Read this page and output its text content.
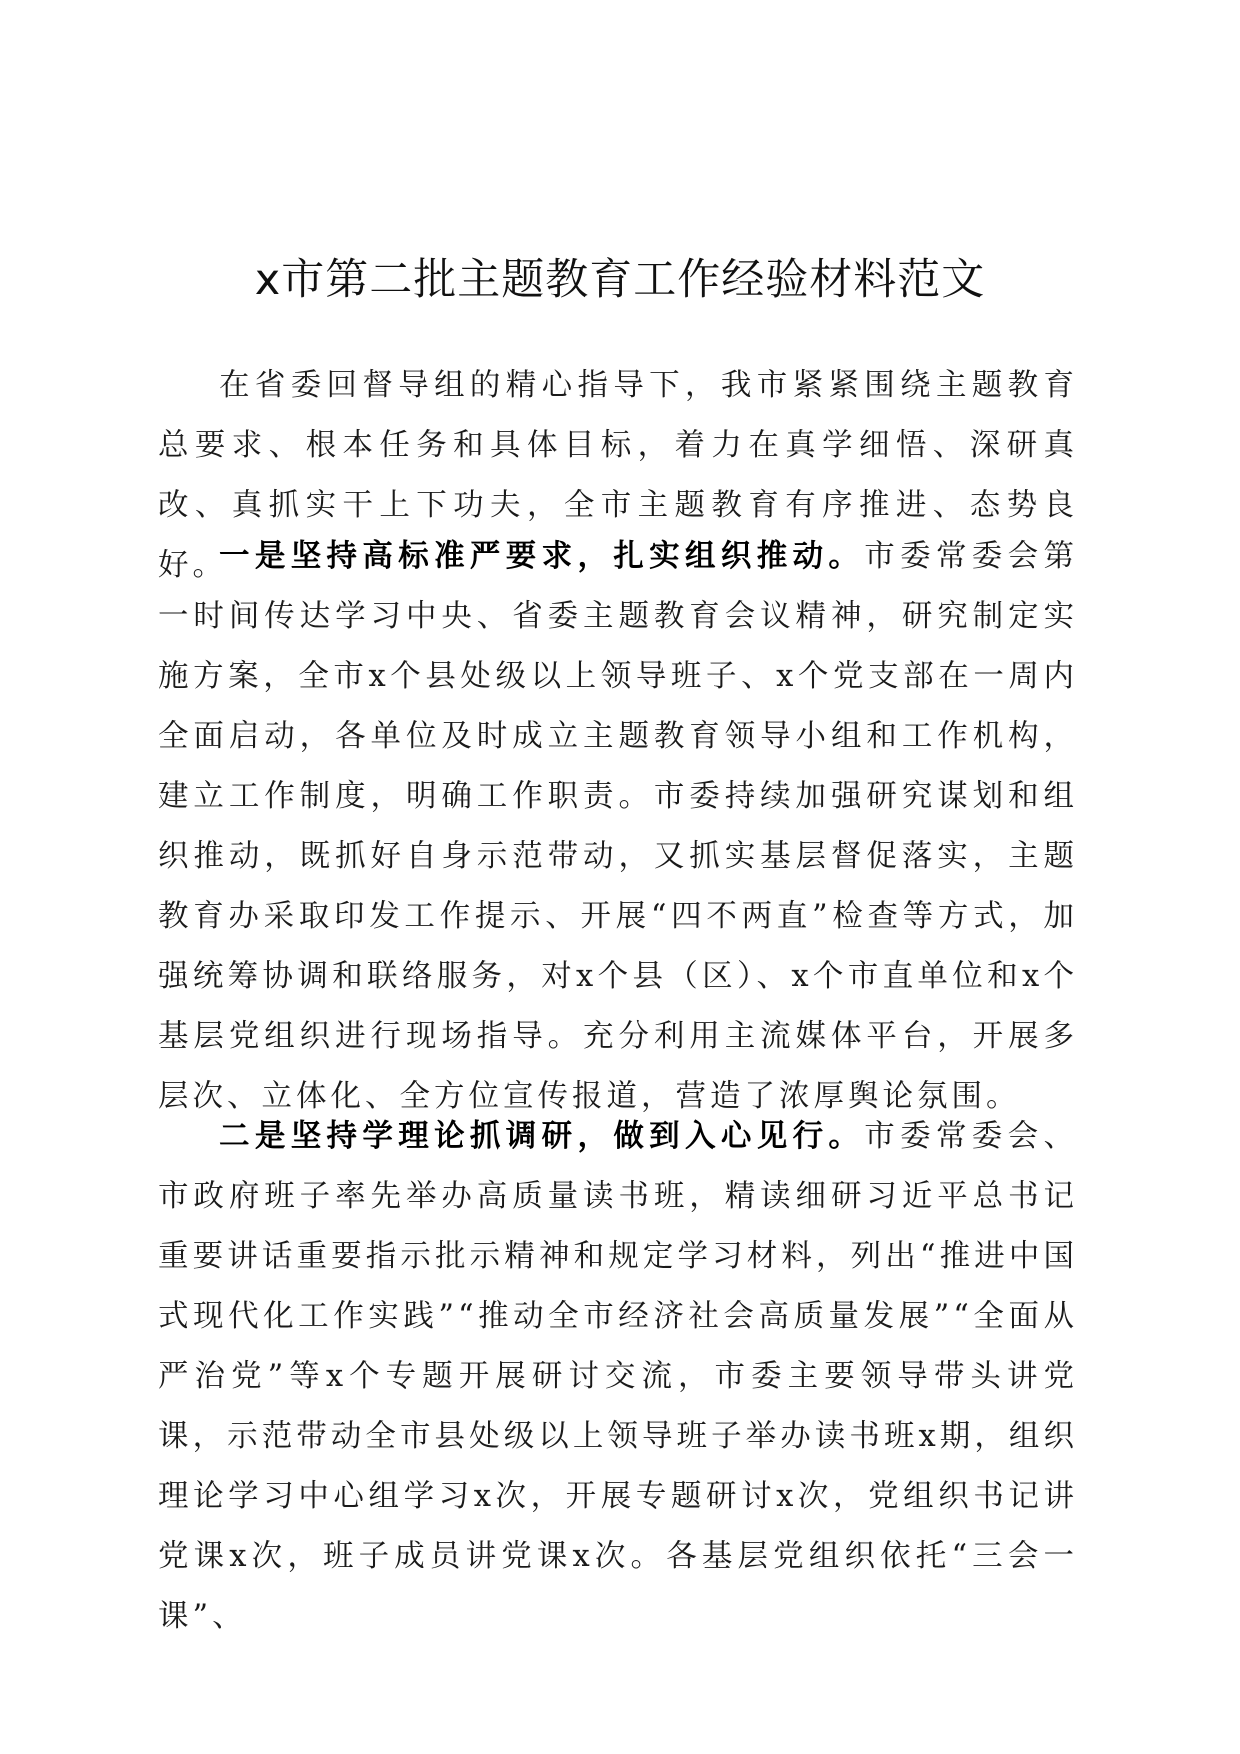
x市第二批主题教育工作经验材料范文

在省委回督导组的精心指导下，我市紧紧围绕主题教育总要求、根本任务和具体目标，着力在真学细悟、深研真改、真抓实干上下功夫，全市主题教育有序推进、态势良好。

一是坚持高标准严要求，扎实组织推动。市委常委会第一时间传达学习中央、省委主题教育会议精神，研究制定实施方案，全市x个县处级以上领导班子、x个党支部在一周内全面启动，各单位及时成立主题教育领导小组和工作机构，建立工作制度，明确工作职责。市委持续加强研究谋划和组织推动，既抓好自身示范带动，又抓实基层督促落实，主题教育办采取印发工作提示、开展“四不两直”检查等方式，加强统筹协调和联络服务，对x个县（区）、x个市直单位和x个基层党组织进行现场指导。充分利用主流媒体平台，开展多层次、立体化、全方位宣传报道，营造了浓厚舆论氛围。

二是坚持学理论抓调研，做到入心见行。市委常委会、市政府班子率先举办高质量读书班，精读细研习近平总书记重要讲话重要指示批示精神和规定学习材料，列出“推进中国式现代化工作实践”“推动全市经济社会高质量发展”“全面从严治党”等x个专题开展研讨交流，市委主要领导带头讲党课，示范带动全市县处级以上领导班子举办读书班x期，组织理论学习中心组学习x次，开展专题研讨x次，党组织书记讲党课x次，班子成员讲党课x次。各基层党组织依托“三会一课”、
